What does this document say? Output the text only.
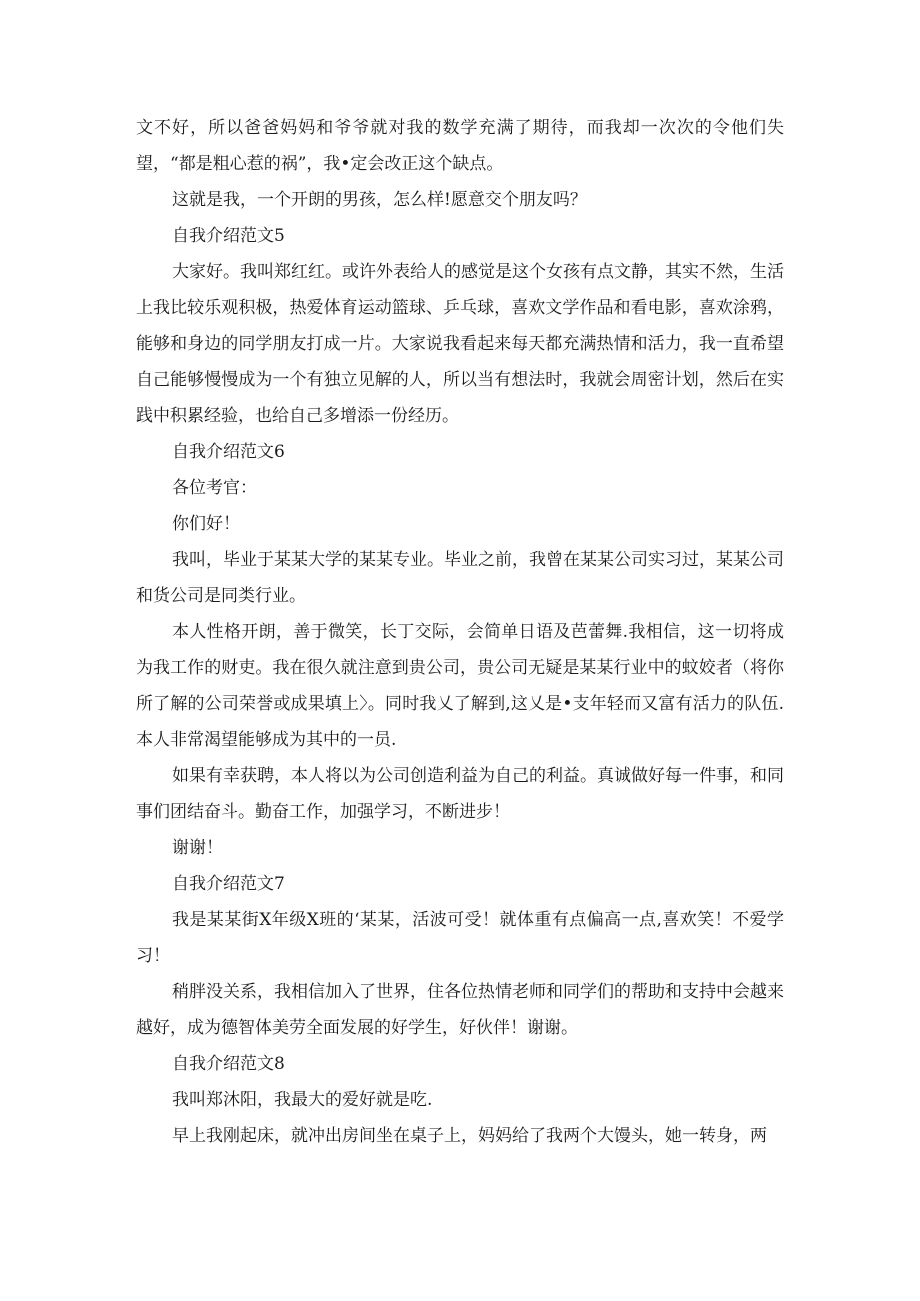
文不好，所以爸爸妈妈和爷爷就对我的数学充满了期待，而我却一次次的令他们失望，“都是粗心惹的祸”，我•定会改正这个缺点。

这就是我，一个开朗的男孩，怎么样!愿意交个朋友吗？

自我介绍范文5

大家好。我叫郑红红。或许外表给人的感觉是这个女孩有点文静，其实不然，生活上我比较乐观积极，热爱体育运动篮球、乒乓球，喜欢文学作品和看电影，喜欢涂鸦，能够和身边的同学朋友打成一片。大家说我看起来每天都充满热情和活力，我一直希望自己能够慢慢成为一个有独立见解的人，所以当有想法时，我就会周密计划，然后在实践中积累经验，也给自己多增添一份经历。

自我介绍范文6

各位考官：

你们好！

我叫，毕业于某某大学的某某专业。毕业之前，我曾在某某公司实习过，某某公司和货公司是同类行业。

本人性格开朗，善于微笑，长丁交际，会简单日语及芭蕾舞.我相信，这一切将成为我工作的财吏。我在很久就注意到贵公司，贵公司无疑是某某行业中的蚊姣者（将你所了解的公司荣誉或成果填上〉。同时我乂了解到,这乂是•支年轻而又富有活力的队伍.本人非常渴望能够成为其中的一员.

如果有幸获聘，本人将以为公司创造利益为自己的利益。真诚做好每一件事，和同事们团结奋斗。勤奋工作，加强学习，不断进步！

谢谢！

自我介绍范文7

我是某某街X年级X班的‘某某，活波可受！就体重有点偏高一点,喜欢笑！不爱学习！

稍胖没关系，我相信加入了世界，住各位热情老师和同学们的帮助和支持中会越来越好，成为德智体美劳全面发展的好学生，好伙伴！谢谢。

自我介绍范文8

我叫郑沐阳，我最大的爱好就是吃.

早上我刚起床，就冲出房间坐在桌子上，妈妈给了我两个大馒头，她一转身，两
